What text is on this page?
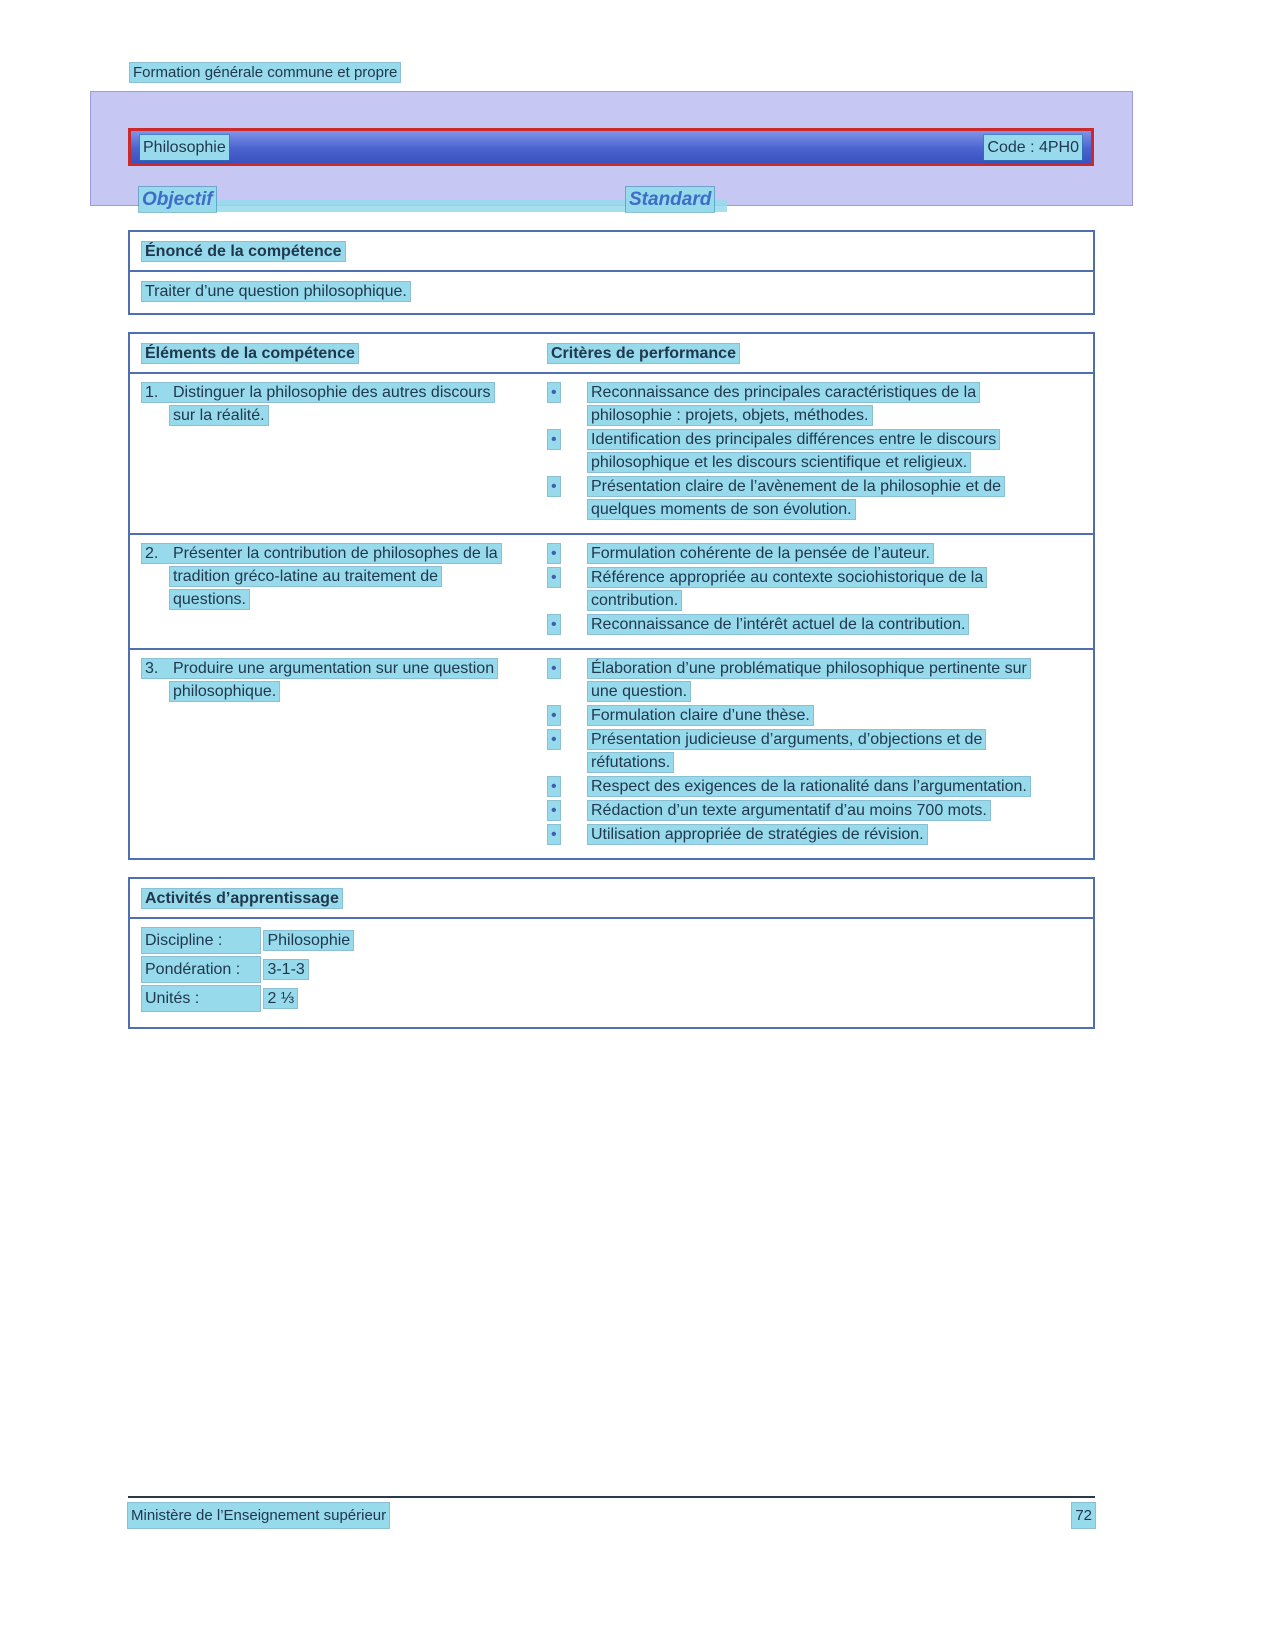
Formation générale commune et propre
Philosophie	Code : 4PH0
Objectif	Standard
Énoncé de la compétence
Traiter d’une question philosophique.
Éléments de la compétence	Critères de performance
1. Distinguer la philosophie des autres discours sur la réalité.
•Reconnaissance des principales caractéristiques de la philosophie : projets, objets, méthodes.
•Identification des principales différences entre le discours philosophique et les discours scientifique et religieux.
•Présentation claire de l’avènement de la philosophie et de quelques moments de son évolution.
2. Présenter la contribution de philosophes de la tradition gréco-latine au traitement de questions.
•Formulation cohérente de la pensée de l’auteur.
•Référence appropriée au contexte sociohistorique de la contribution.
•Reconnaissance de l’intérêt actuel de la contribution.
3. Produire une argumentation sur une question philosophique.
•Élaboration d’une problématique philosophique pertinente sur une question.
•Formulation claire d’une thèse.
•Présentation judicieuse d’arguments, d’objections et de réfutations.
•Respect des exigences de la rationalité dans l’argumentation.
•Rédaction d’un texte argumentatif d’au moins 700 mots.
•Utilisation appropriée de stratégies de révision.
Activités d’apprentissage
Discipline :	Philosophie
Pondération : 3-1-3
Unités :	2 ⅓
Ministère de l’Enseignement supérieur	72
